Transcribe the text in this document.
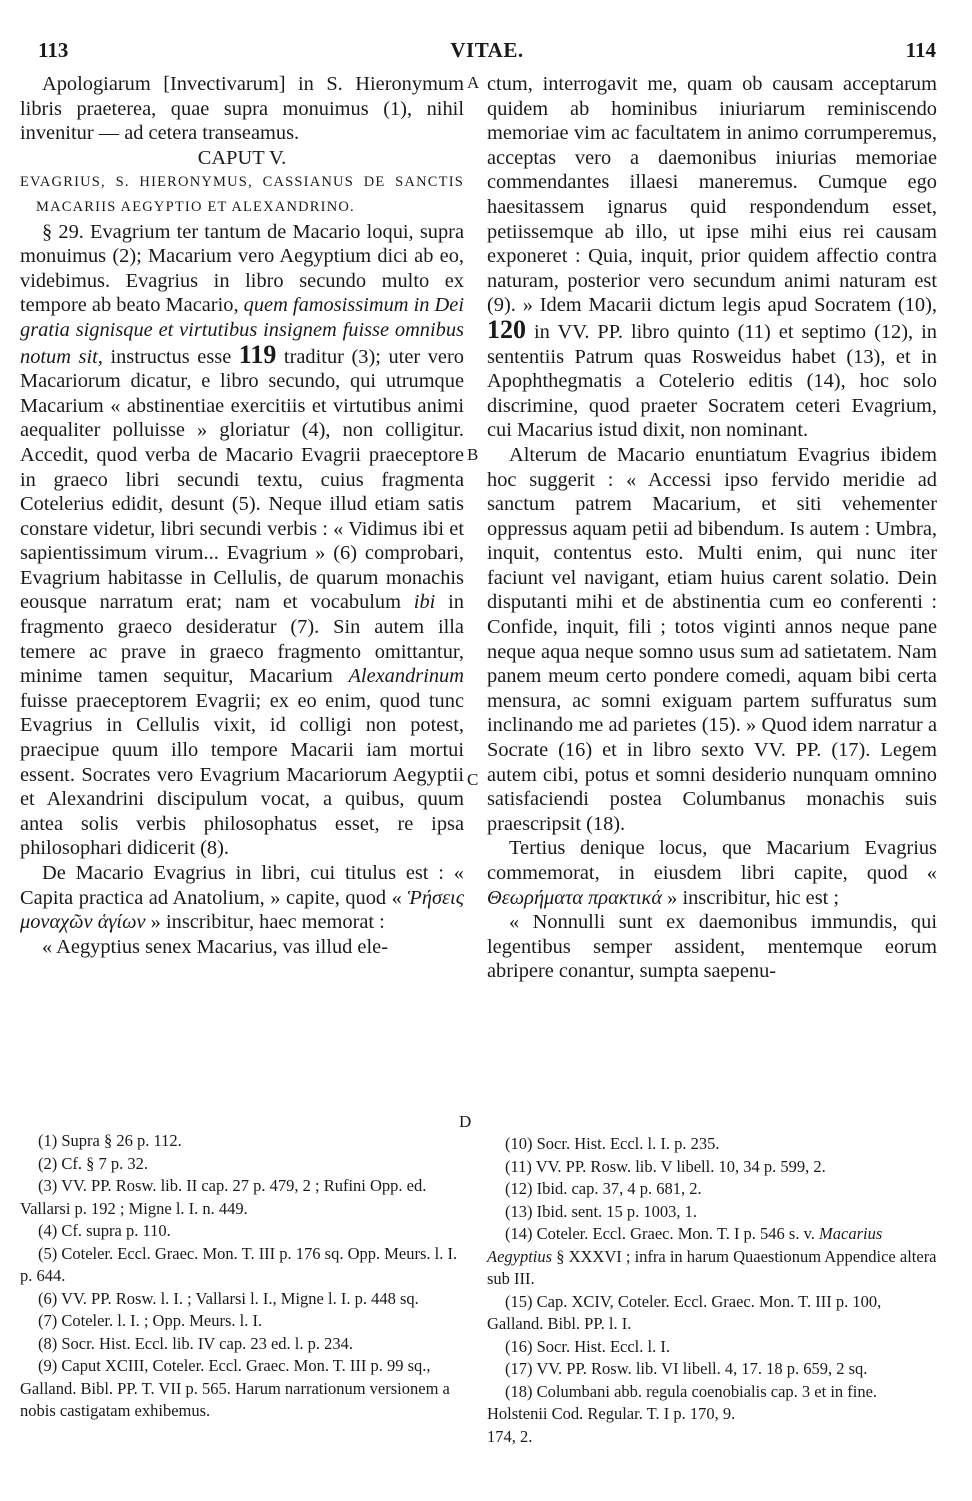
113	VITAE.	114

Apologiarum [Invectivarum] in S. Hieronymum libris praeterea, quae supra monuimus (1), nihil invenitur — ad cetera transeamus.

CAPUT V.

EVAGRIUS, S. HIERONYMUS, CASSIANUS DE SANCTIS MACARIIS AEGYPTIO ET ALEXANDRINO.

§ 29. Evagrium ter tantum de Macario loqui, supra monuimus (2); Macarium vero Aegyptium dici ab eo, videbimus. Evagrius in libro secundo multo ex tempore ab beato Macario, quem famosissimum in Dei gratia signisque et virtutibus insignem fuisse omnibus notum sit, instructus esse 119 traditur (3); uter vero Macariorum dicatur, e libro secundo, qui utrumque Macarium « abstinentiae exercitiis et virtutibus animi aequaliter polluisse » gloriatur (4), non colligitur. Accedit, quod verba de Macario Evagrii praeceptore in graeco libri secundi textu, cuius fragmenta Cotelerius edidit, desunt (5). Neque illud etiam satis constare videtur, libri secundi verbis : « Vidimus ibi et sapientissimum virum... Evagrium » (6) comprobari, Evagrium habitasse in Cellulis, de quarum monachis eousque narratum erat; nam et vocabulum ibi in fragmento graeco desideratur (7). Sin autem illa temere ac prave in graeco fragmento omittantur, minime tamen sequitur, Macarium Alexandrinum fuisse praeceptorem Evagrii; ex eo enim, quod tunc Evagrius in Cellulis vixit, id colligi non potest, praecipue quum illo tempore Macarii iam mortui essent. Socrates vero Evagrium Macariorum Aegyptii et Alexandrini discipulum vocat, a quibus, quum antea solis verbis philosophatus esset, re ipsa philosophari didicerit (8).

De Macario Evagrius in libri, cui titulus est : « Capita practica ad Anatolium, » capite, quod « Ῥήσεις μοναχῶν ἁγίων » inscribitur, haec memorat :

« Aegyptius senex Macarius, vas illud ele-

ctum, interrogavit me, quam ob causam acceptarum quidem ab hominibus iniuriarum reminiscendo memoriae vim ac facultatem in animo corrumperemus, acceptas vero a daemonibus iniurias memoriae commendantes illaesi maneremus. Cumque ego haesitassem ignarus quid respondendum esset, petiissemque ab illo, ut ipse mihi eius rei causam exponeret : Quia, inquit, prior quidem affectio contra naturam, posterior vero secundum animi naturam est (9). » Idem Macarii dictum legis apud Socratem (10), 120 in VV. PP. libro quinto (11) et septimo (12), in sententiis Patrum quas Rosweidus habet (13), et in Apophthegmatis a Cotelerio editis (14), hoc solo discrimine, quod praeter Socratem ceteri Evagrium, cui Macarius istud dixit, non nominant.

Alterum de Macario enuntiatum Evagrius ibidem hoc suggerit : « Accessi ipso fervido meridie ad sanctum patrem Macarium, et siti vehementer oppressus aquam petii ad bibendum. Is autem : Umbra, inquit, contentus esto. Multi enim, qui nunc iter faciunt vel navigant, etiam huius carent solatio. Dein disputanti mihi et de abstinentia cum eo conferenti : Confide, inquit, fili ; totos viginti annos neque pane neque aqua neque somno usus sum ad satietatem. Nam panem meum certo pondere comedi, aquam bibi certa mensura, ac somni exiguam partem suffuratus sum inclinando me ad parietes (15). » Quod idem narratur a Socrate (16) et in libro sexto VV. PP. (17). Legem autem cibi, potus et somni desiderio nunquam omnino satisfaciendi postea Columbanus monachis suis praescripsit (18).

Tertius denique locus, que Macarium Evagrius commemorat, in eiusdem libri capite, quod « Θεωρήματα πρακτικά » inscribitur, hic est ;

« Nonnulli sunt ex daemonibus immundis, qui legentibus semper assident, mentemque eorum abripere conantur, sumpta saepenu-

A
B
C
D

(1) Supra § 26 p. 112.

(2) Cf. § 7 p. 32.

(3) VV. PP. Rosw. lib. II cap. 27 p. 479, 2 ; Rufini Opp. ed. Vallarsi p. 192 ; Migne l. I. n. 449.

(4) Cf. supra p. 110.

(5) Coteler. Eccl. Graec. Mon. T. III p. 176 sq. Opp. Meurs. l. I. p. 644.

(6) VV. PP. Rosw. l. I. ; Vallarsi l. I., Migne l. I. p. 448 sq.

(7) Coteler. l. I. ; Opp. Meurs. l. I.

(8) Socr. Hist. Eccl. lib. IV cap. 23 ed. l. p. 234.

(9) Caput XCIII, Coteler. Eccl. Graec. Mon. T. III p. 99 sq., Galland. Bibl. PP. T. VII p. 565. Harum narrationum versionem a nobis castigatam exhibemus.

(10) Socr. Hist. Eccl. l. I. p. 235.

(11) VV. PP. Rosw. lib. V libell. 10, 34 p. 599, 2.

(12) Ibid. cap. 37, 4 p. 681, 2.

(13) Ibid. sent. 15 p. 1003, 1.

(14) Coteler. Eccl. Graec. Mon. T. I p. 546 s. v. Macarius Aegyptius § XXXVI ; infra in harum Quaestionum Appendice altera sub III.

(15) Cap. XCIV, Coteler. Eccl. Graec. Mon. T. III p. 100, Galland. Bibl. PP. l. I.

(16) Socr. Hist. Eccl. l. I.

(17) VV. PP. Rosw. lib. VI libell. 4, 17. 18 p. 659, 2 sq.

(18) Columbani abb. regula coenobialis cap. 3 et in fine. Holstenii Cod. Regular. T. I p. 170, 9.

174, 2.
